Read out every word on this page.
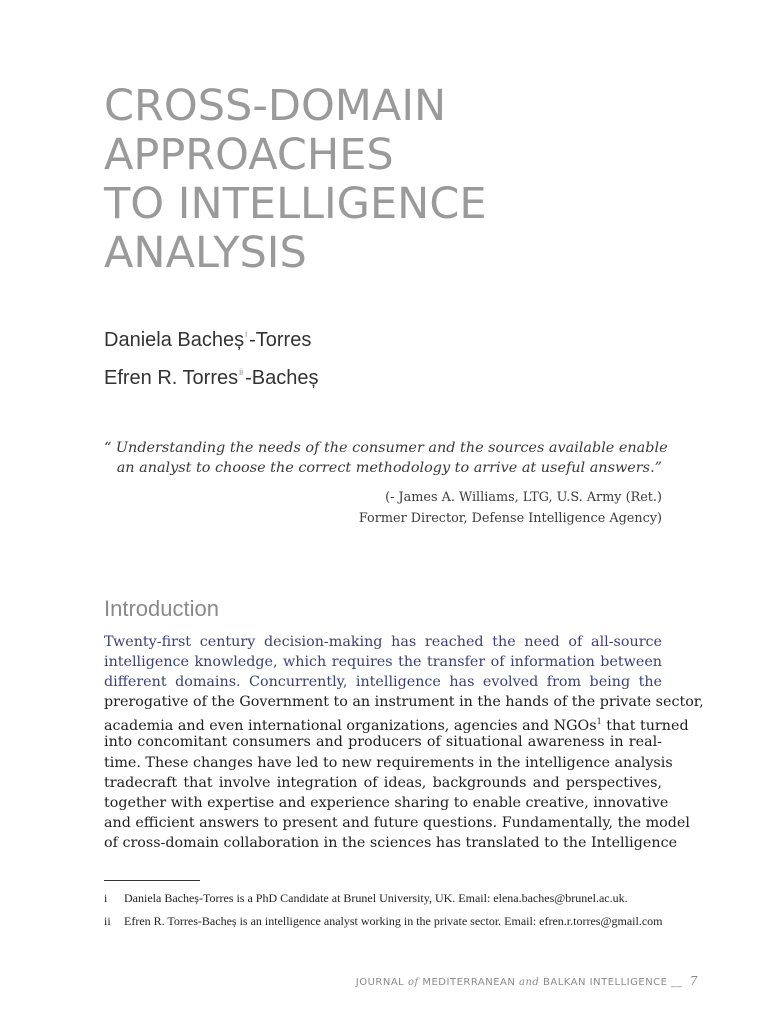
CROSS-DOMAIN
APPROACHES
TO INTELLIGENCE
ANALYSIS
Daniela Bacheș$^i$ -Torres
Efren R. Torres$^{ii}$ -Bacheș
“ Understanding the needs of the consumer and the sources available enable
an analyst to choose the correct methodology to arrive at useful answers.”
(- James A. Williams, LTG, U.S. Army (Ret.)
Former Director, Defense Intelligence Agency)
Introduction
Twenty-first century decision-making has reached the need of all-source
intelligence knowledge, which requires the transfer of information between
different domains. Concurrently, intelligence has evolved from being the
prerogative of the Government to an instrument in the hands of the private sector,
academia and even international organizations, agencies and NGOs$^1$ that turned
into concomitant consumers and producers of situational awareness in real-
time. These changes have led to new requirements in the intelligence analysis
tradecraft that involve integration of ideas, backgrounds and perspectives,
together with expertise and experience sharing to enable creative, innovative
and efficient answers to present and future questions. Fundamentally, the model
of cross-domain collaboration in the sciences has translated to the Intelligence
i Daniela Bacheș-Torres is a PhD Candidate at Brunel University, UK. Email: elena.baches@brunel.ac.uk.
ii Efren R. Torres-Bacheș is an intelligence analyst working in the private sector. Email: efren.r.torres@gmail.com
JOURNAL of MEDITERRANEAN and BALKAN INTELLIGENCE __ 7
